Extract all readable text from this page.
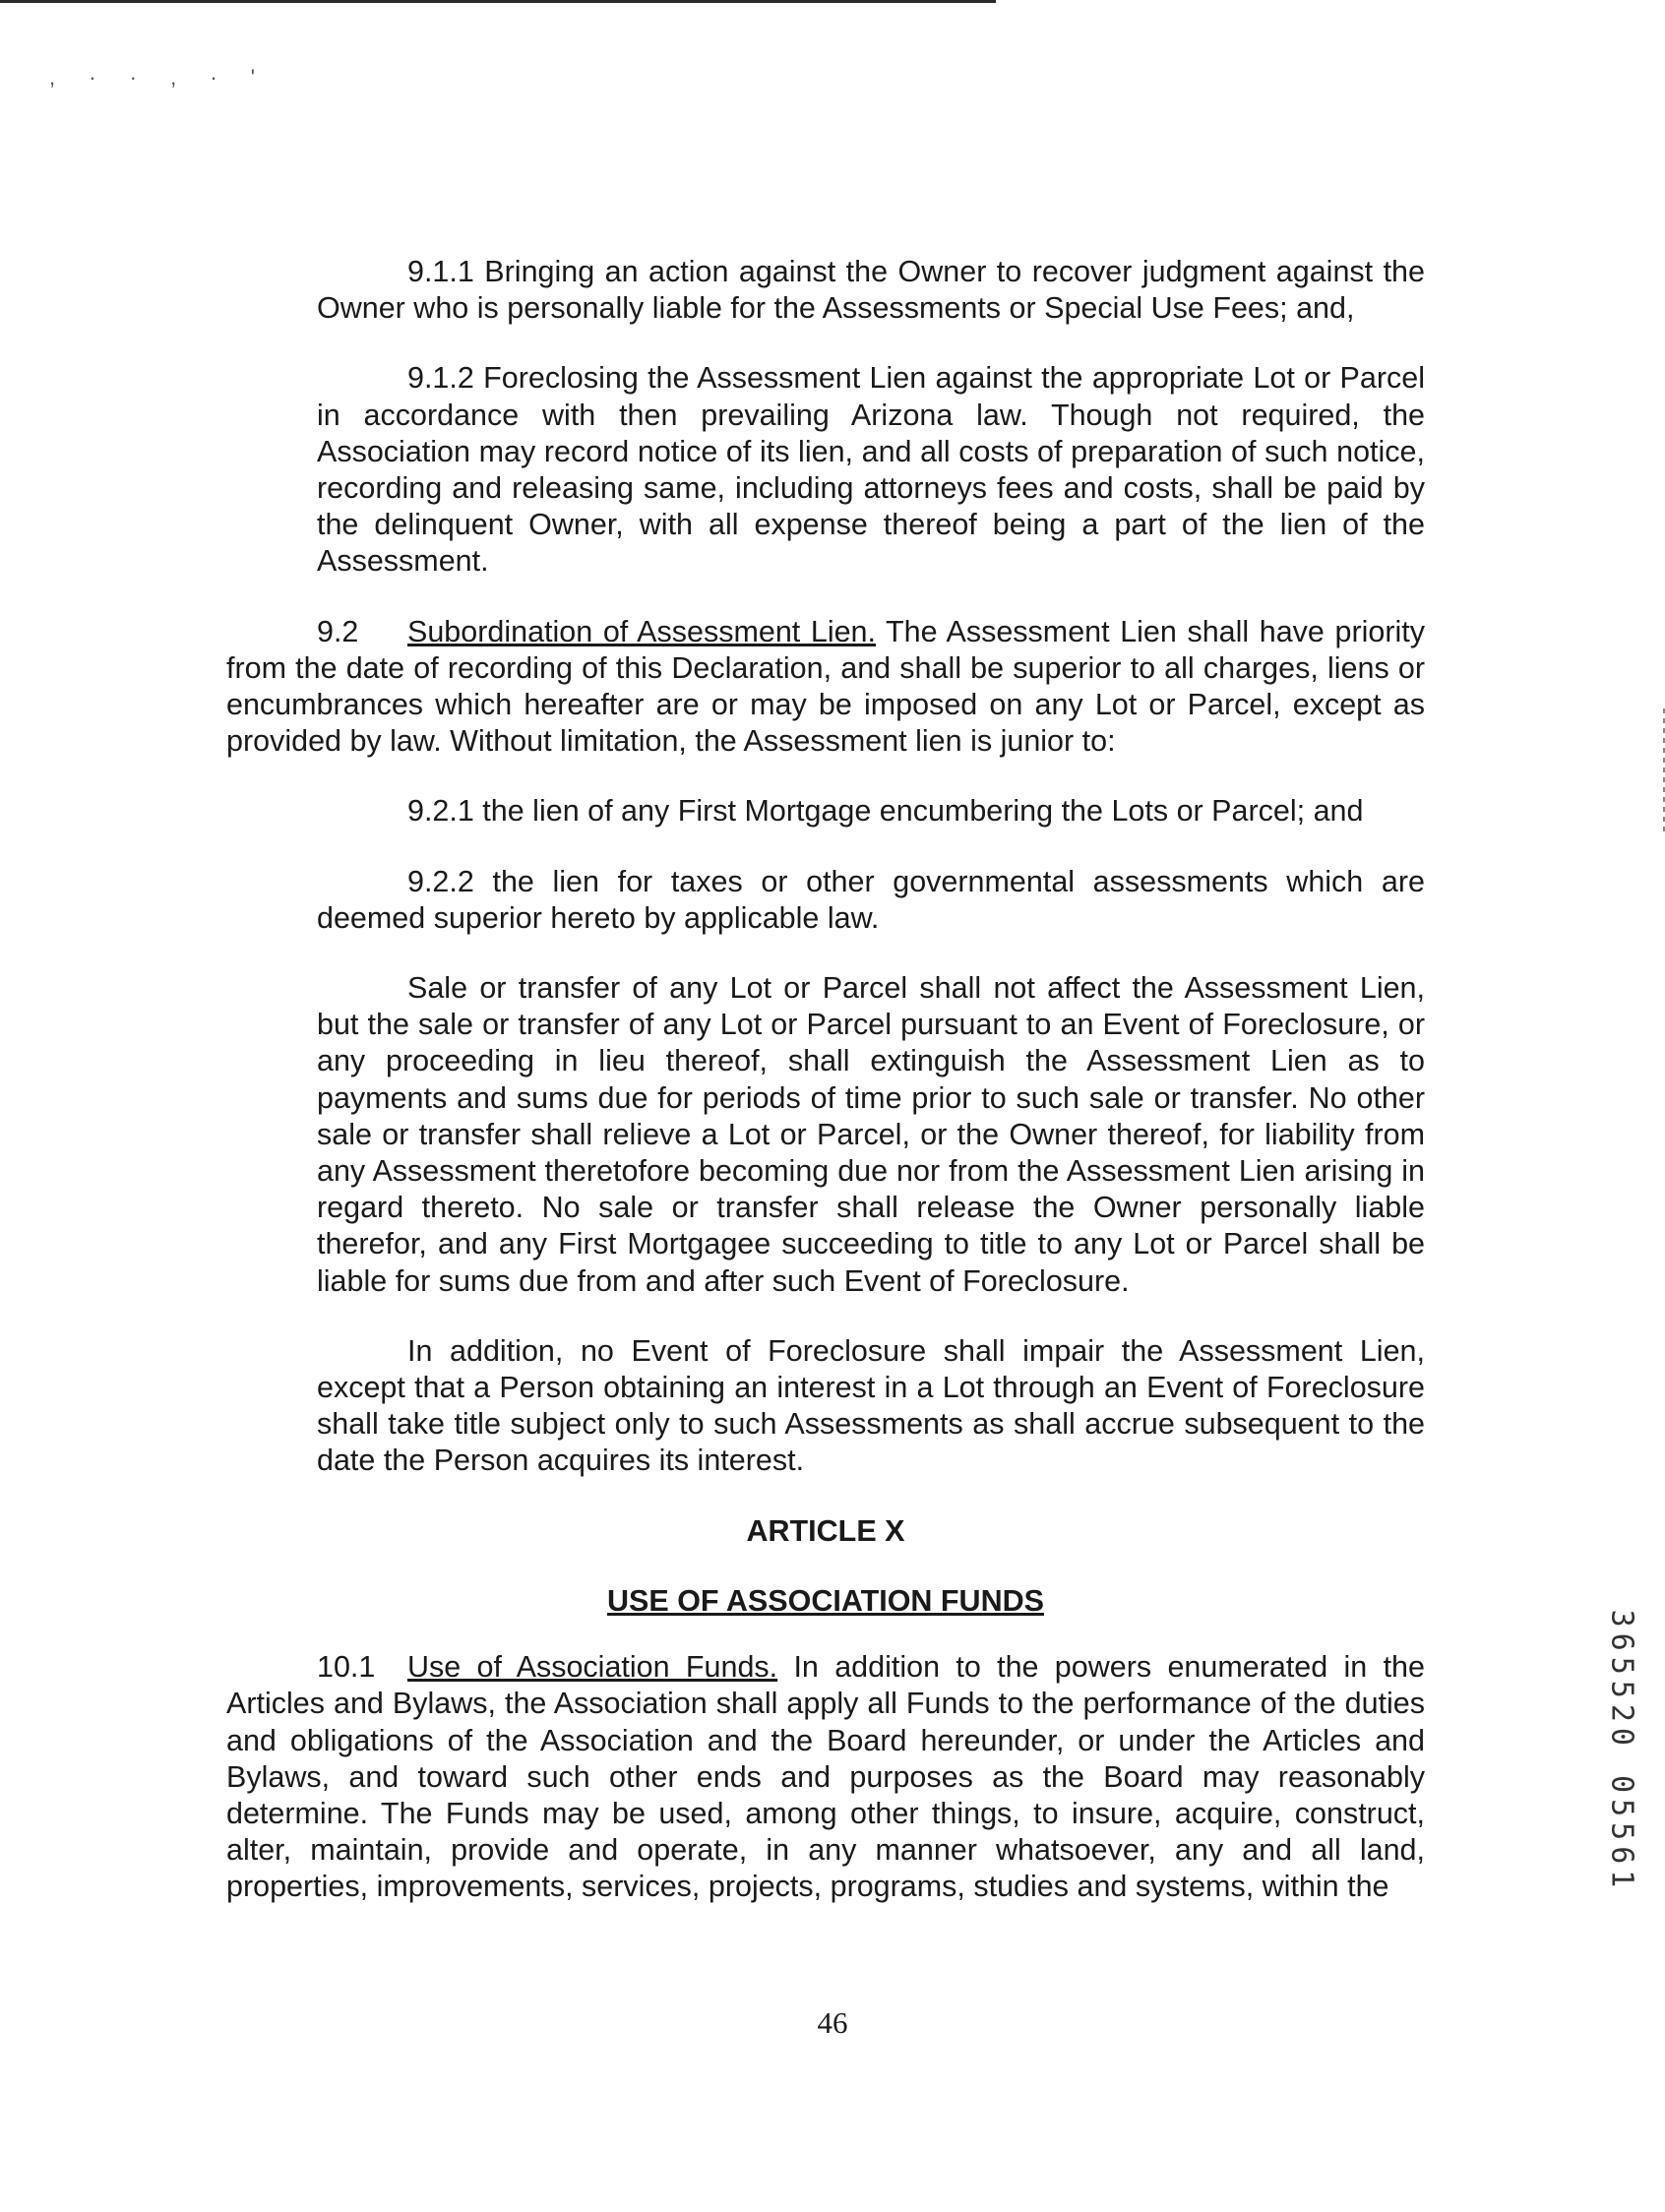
, · · , · '

9.1.1 Bringing an action against the Owner to recover judgment against the Owner who is personally liable for the Assessments or Special Use Fees; and,

9.1.2 Foreclosing the Assessment Lien against the appropriate Lot or Parcel in accordance with then prevailing Arizona law. Though not required, the Association may record notice of its lien, and all costs of preparation of such notice, recording and releasing same, including attorneys fees and costs, shall be paid by the delinquent Owner, with all expense thereof being a part of the lien of the Assessment.

9.2 Subordination of Assessment Lien. The Assessment Lien shall have priority from the date of recording of this Declaration, and shall be superior to all charges, liens or encumbrances which hereafter are or may be imposed on any Lot or Parcel, except as provided by law. Without limitation, the Assessment lien is junior to:

9.2.1 the lien of any First Mortgage encumbering the Lots or Parcel; and

9.2.2 the lien for taxes or other governmental assessments which are deemed superior hereto by applicable law.

Sale or transfer of any Lot or Parcel shall not affect the Assessment Lien, but the sale or transfer of any Lot or Parcel pursuant to an Event of Foreclosure, or any proceeding in lieu thereof, shall extinguish the Assessment Lien as to payments and sums due for periods of time prior to such sale or transfer. No other sale or transfer shall relieve a Lot or Parcel, or the Owner thereof, for liability from any Assessment theretofore becoming due nor from the Assessment Lien arising in regard thereto. No sale or transfer shall release the Owner personally liable therefor, and any First Mortgagee succeeding to title to any Lot or Parcel shall be liable for sums due from and after such Event of Foreclosure.

In addition, no Event of Foreclosure shall impair the Assessment Lien, except that a Person obtaining an interest in a Lot through an Event of Foreclosure shall take title subject only to such Assessments as shall accrue subsequent to the date the Person acquires its interest.

ARTICLE X

USE OF ASSOCIATION FUNDS

10.1 Use of Association Funds. In addition to the powers enumerated in the Articles and Bylaws, the Association shall apply all Funds to the performance of the duties and obligations of the Association and the Board hereunder, or under the Articles and Bylaws, and toward such other ends and purposes as the Board may reasonably determine. The Funds may be used, among other things, to insure, acquire, construct, alter, maintain, provide and operate, in any manner whatsoever, any and all land, properties, improvements, services, projects, programs, studies and systems, within the

46
365520 05561
